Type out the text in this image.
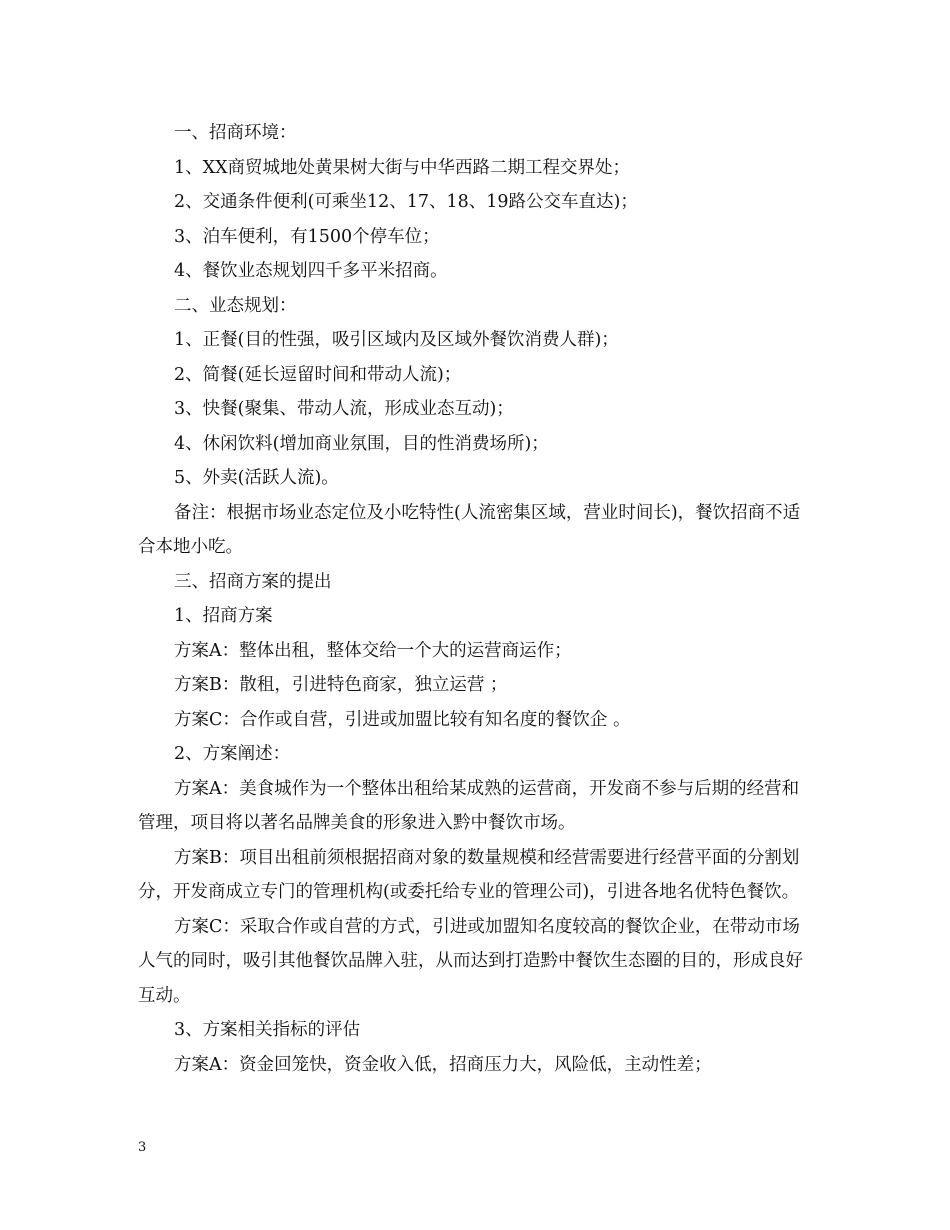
一、招商环境：

1、XX商贸城地处黄果树大街与中华西路二期工程交界处；

2、交通条件便利(可乘坐12、17、18、19路公交车直达)；

3、泊车便利，有1500个停车位；

4、餐饮业态规划四千多平米招商。

二、业态规划：

1、正餐(目的性强，吸引区域内及区域外餐饮消费人群)；

2、简餐(延长逗留时间和带动人流)；

3、快餐(聚集、带动人流，形成业态互动)；

4、休闲饮料(增加商业氛围，目的性消费场所)；

5、外卖(活跃人流)。

备注：根据市场业态定位及小吃特性(人流密集区域，营业时间长)，餐饮招商不适合本地小吃。

三、招商方案的提出

1、招商方案

方案A：整体出租，整体交给一个大的运营商运作；

方案B：散租，引进特色商家，独立运营 ；

方案C：合作或自营，引进或加盟比较有知名度的餐饮企 。

2、方案阐述：

方案A：美食城作为一个整体出租给某成熟的运营商，开发商不参与后期的经营和管理，项目将以著名品牌美食的形象进入黔中餐饮市场。

方案B：项目出租前须根据招商对象的数量规模和经营需要进行经营平面的分割划分，开发商成立专门的管理机构(或委托给专业的管理公司)，引进各地名优特色餐饮。

方案C：采取合作或自营的方式，引进或加盟知名度较高的餐饮企业，在带动市场人气的同时，吸引其他餐饮品牌入驻，从而达到打造黔中餐饮生态圈的目的，形成良好互动。

3、方案相关指标的评估

方案A：资金回笼快，资金收入低，招商压力大，风险低，主动性差；

3
